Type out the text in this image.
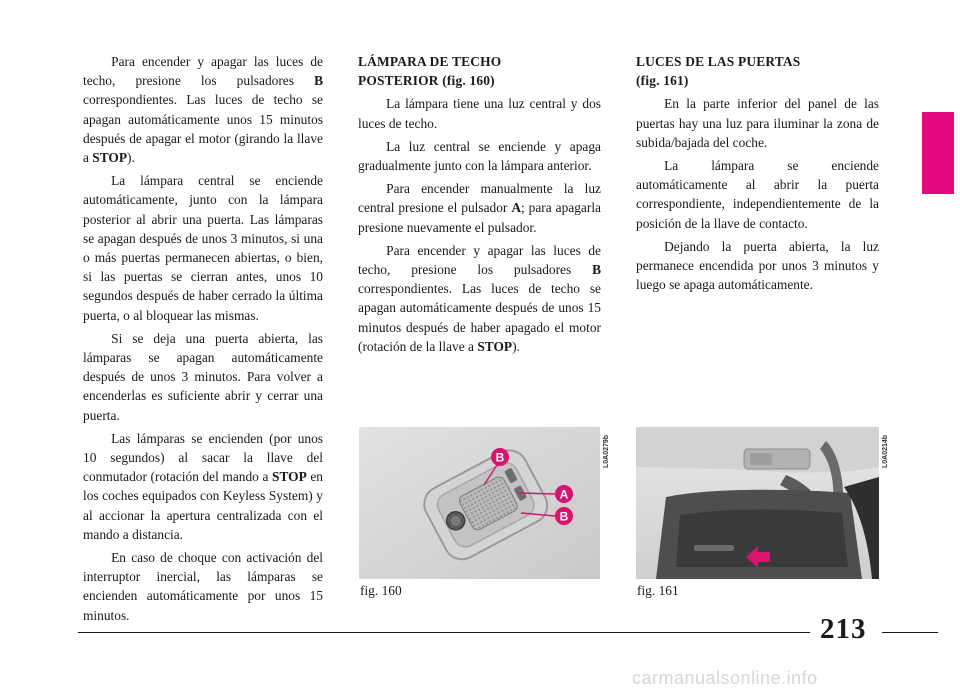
Para encender y apagar las luces de techo, presione los pulsadores B correspondientes. Las luces de techo se apagan automáticamente unos 15 minutos después de apagar el motor (girando la llave a STOP).

La lámpara central se enciende automáticamente, junto con la lámpara posterior al abrir una puerta. Las lámparas se apagan después de unos 3 minutos, si una o más puertas permanecen abiertas, o bien, si las puertas se cierran antes, unos 10 segundos después de haber cerrado la última puerta, o al bloquear las mismas.

Si se deja una puerta abierta, las lámparas se apagan automáticamente después de unos 3 minutos. Para volver a encenderlas es suficiente abrir y cerrar una puerta.

Las lámparas se encienden (por unos 10 segundos) al sacar la llave del conmutador (rotación del mando a STOP en los coches equipados con Keyless System) y al accionar la apertura centralizada con el mando a distancia.

En caso de choque con activación del interruptor inercial, las lámparas se encienden automáticamente por unos 15 minutos.

LÁMPARA DE TECHO
POSTERIOR (fig. 160)

La lámpara tiene una luz central y dos luces de techo.

La luz central se enciende y apaga gradualmente junto con la lámpara anterior.

Para encender manualmente la luz central presione el pulsador A; para apagarla presione nuevamente el pulsador.

Para encender y apagar las luces de techo, presione los pulsadores B correspondientes. Las luces de techo se apagan automáticamente después de unos 15 minutos después de haber apagado el motor (rotación de la llave a STOP).

LUCES DE LAS PUERTAS
(fig. 161)

En la parte inferior del panel de las puertas hay una luz para iluminar la zona de subida/bajada del coche.

La lámpara se enciende automáticamente al abrir la puerta correspondiente, independientemente de la posición de la llave de contacto.

Dejando la puerta abierta, la luz permanece encendida por unos 3 minutos y luego se apaga automáticamente.

B
A
B
L0A0279b
fig. 160
L0A0214b
fig. 161
213
carmanualsonline.info
